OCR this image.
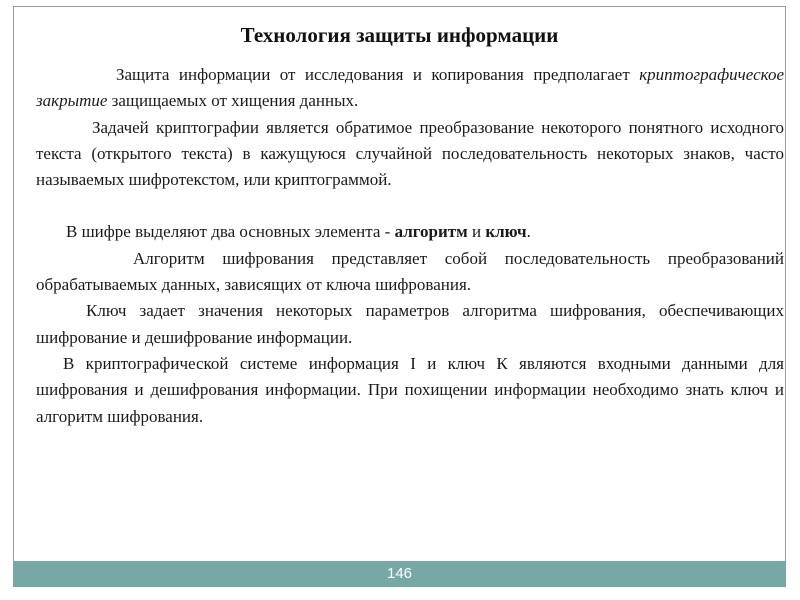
Технология защиты информации

Защита информации от исследования и копирования предполагает криптографическое закрытие защищаемых от хищения данных.

Задачей криптографии является обратимое преобразование некоторого понятного исходного текста (открытого текста) в кажущуюся случайной последовательность некоторых знаков, часто называемых шифротекстом, или криптограммой.

В шифре выделяют два основных элемента - алгоритм и ключ.

Алгоритм шифрования представляет собой последовательность преобразований обрабатываемых данных, зависящих от ключа шифрования.

Ключ задает значения некоторых параметров алгоритма шифрования, обеспечивающих шифрование и дешифрование информации.

В криптографической системе информация I и ключ К являются входными данными для шифрования и дешифрования информации. При похищении информации необходимо знать ключ и алгоритм шифрования.

146
